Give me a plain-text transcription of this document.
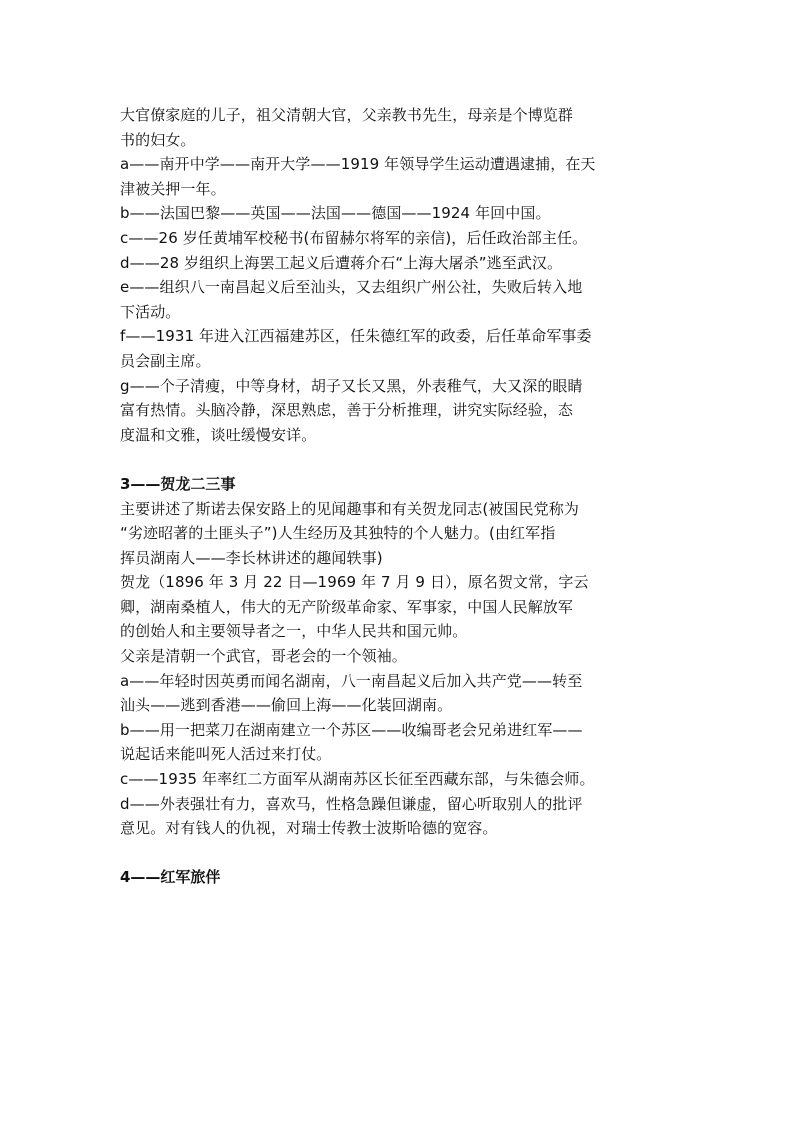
大官僚家庭的儿子，祖父清朝大官，父亲教书先生，母亲是个博览群
书的妇女。
a——南开中学——南开大学——1919 年领导学生运动遭遇逮捕，在天
津被关押一年。
b——法国巴黎——英国——法国——德国——1924 年回中国。
c——26 岁任黄埔军校秘书(布留赫尔将军的亲信)，后任政治部主任。
d——28 岁组织上海罢工起义后遭蒋介石“上海大屠杀”逃至武汉。
e——组织八一南昌起义后至汕头，又去组织广州公社，失败后转入地
下活动。
f——1931 年进入江西福建苏区，任朱德红军的政委，后任革命军事委
员会副主席。
g——个子清瘦，中等身材，胡子又长又黑，外表稚气，大又深的眼睛
富有热情。头脑冷静，深思熟虑，善于分析推理，讲究实际经验，态
度温和文雅，谈吐缓慢安详。
3——贺龙二三事
主要讲述了斯诺去保安路上的见闻趣事和有关贺龙同志(被国民党称为
“劣迹昭著的土匪头子”)人生经历及其独特的个人魅力。(由红军指
挥员湖南人——李长林讲述的趣闻轶事)
贺龙（1896 年 3 月 22 日—1969 年 7 月 9 日），原名贺文常，字云
卿，湖南桑植人，伟大的无产阶级革命家、军事家，中国人民解放军
的创始人和主要领导者之一，中华人民共和国元帅。
父亲是清朝一个武官，哥老会的一个领袖。
a——年轻时因英勇而闻名湖南，八一南昌起义后加入共产党——转至
汕头——逃到香港——偷回上海——化装回湖南。
b——用一把菜刀在湖南建立一个苏区——收编哥老会兄弟进红军——
说起话来能叫死人活过来打仗。
c——1935 年率红二方面军从湖南苏区长征至西藏东部，与朱德会师。
d——外表强壮有力，喜欢马，性格急躁但谦虚，留心听取别人的批评
意见。对有钱人的仇视，对瑞士传教士波斯哈德的宽容。
4——红军旅伴
